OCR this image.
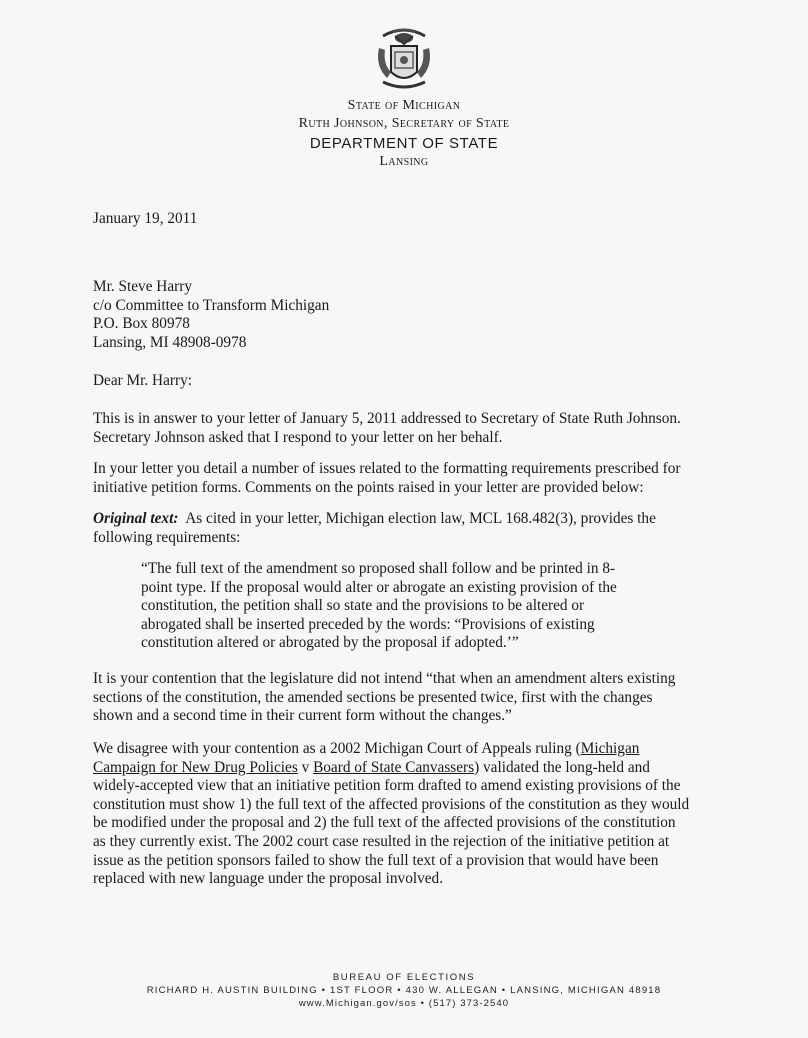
State of Michigan
Ruth Johnson, Secretary of State
DEPARTMENT OF STATE
Lansing
January 19, 2011
Mr. Steve Harry
c/o Committee to Transform Michigan
P.O. Box 80978
Lansing, MI 48908-0978
Dear Mr. Harry:
This is in answer to your letter of January 5, 2011 addressed to Secretary of State Ruth Johnson.
Secretary Johnson asked that I respond to your letter on her behalf.
In your letter you detail a number of issues related to the formatting requirements prescribed for
initiative petition forms. Comments on the points raised in your letter are provided below:
Original text:  As cited in your letter, Michigan election law, MCL 168.482(3), provides the
following requirements:
“The full text of the amendment so proposed shall follow and be printed in 8-
point type. If the proposal would alter or abrogate an existing provision of the
constitution, the petition shall so state and the provisions to be altered or
abrogated shall be inserted preceded by the words: “Provisions of existing
constitution altered or abrogated by the proposal if adopted.’”
It is your contention that the legislature did not intend “that when an amendment alters existing
sections of the constitution, the amended sections be presented twice, first with the changes
shown and a second time in their current form without the changes.”
We disagree with your contention as a 2002 Michigan Court of Appeals ruling (Michigan
Campaign for New Drug Policies v Board of State Canvassers) validated the long-held and
widely-accepted view that an initiative petition form drafted to amend existing provisions of the
constitution must show 1) the full text of the affected provisions of the constitution as they would
be modified under the proposal and 2) the full text of the affected provisions of the constitution
as they currently exist. The 2002 court case resulted in the rejection of the initiative petition at
issue as the petition sponsors failed to show the full text of a provision that would have been
replaced with new language under the proposal involved.
BUREAU OF ELECTIONS
RICHARD H. AUSTIN BUILDING • 1ST FLOOR • 430 W. ALLEGAN • LANSING, MICHIGAN 48918
www.Michigan.gov/sos • (517) 373-2540
